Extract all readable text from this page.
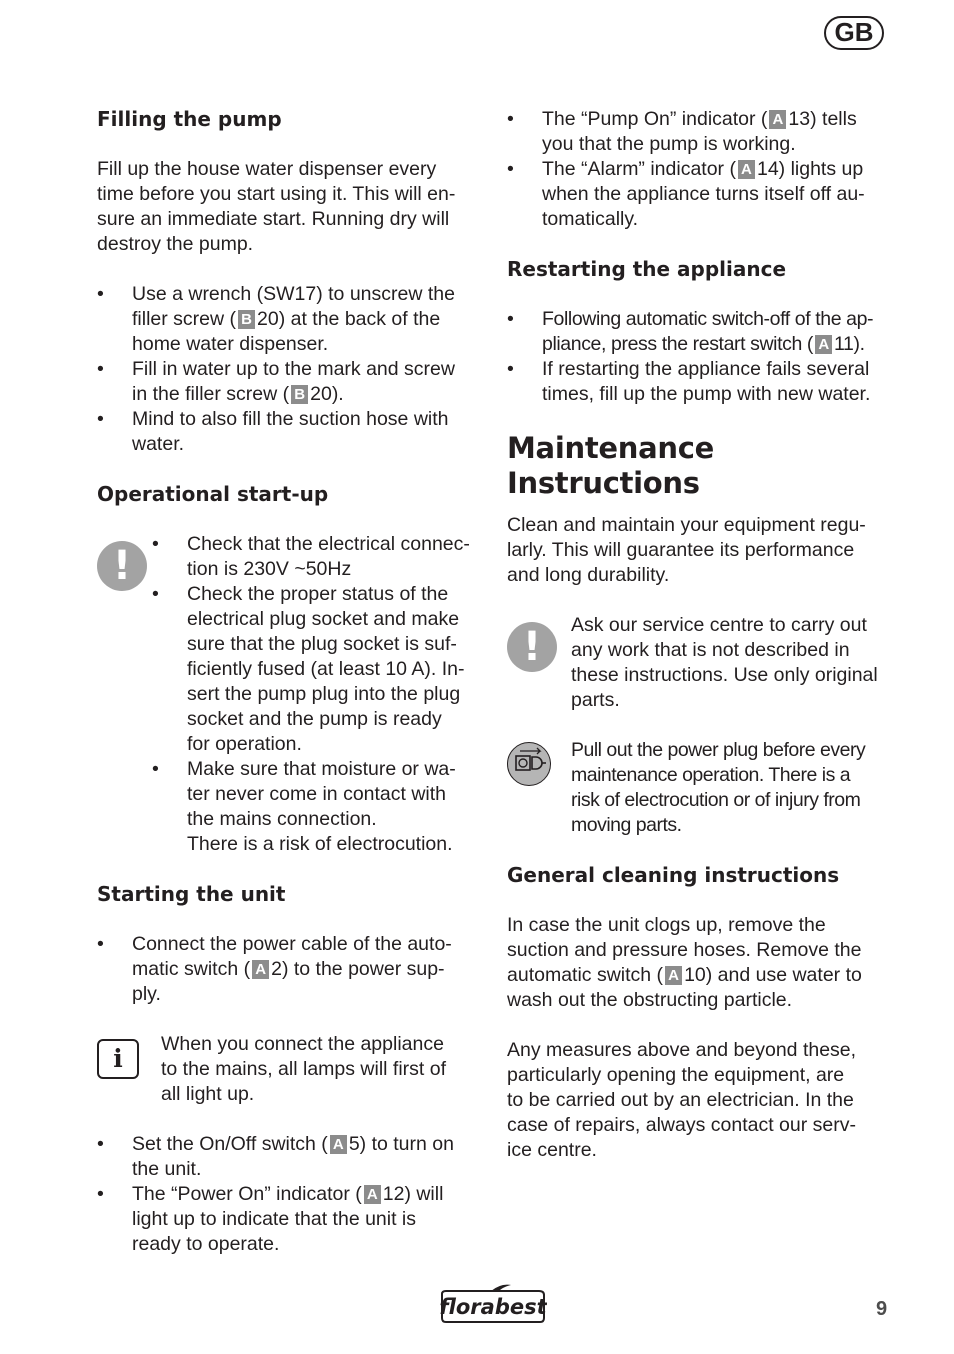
GB
Filling the pump
Fill up the house water dispenser every
time before you start using it. This will en-
sure an immediate start. Running dry will
destroy the pump.
• Use a wrench (SW17) to unscrew the
filler screw ( B 20) at the back of the
home water dispenser.
• Fill in water up to the mark and screw
in the filler screw ( B 20).
• Mind to also fill the suction hose with
water.
Operational start-up
!	• Check that the electrical connec-
tion is 230V ~50Hz
• Check the proper status of the
electrical plug socket and make
sure that the plug socket is suf-
ficiently fused (at least 10 A). In-
sert the pump plug into the plug
socket and the pump is ready
for operation.
• Make sure that moisture or wa-
ter never come in contact with
the mains connection.
There is a risk of electrocution.
Starting the unit
• Connect the power cable of the auto-
matic switch ( A 2) to the power sup-
ply.
i	When you connect the appliance
to the mains, all lamps will first of
all light up.
• Set the On/Off switch ( A 5) to turn on
the unit.
• The “Power On” indicator ( A 12) will
light up to indicate that the unit is
ready to operate.
• The “Pump On” indicator ( A 13) tells
you that the pump is working.
• The “Alarm” indicator ( A 14) lights up
when the appliance turns itself off au-
tomatically.
Restarting the appliance
• Following automatic switch-off of the ap-
pliance, press the restart switch ( A 11).
• If restarting the appliance fails several
times, fill up the pump with new water.
Maintenance
Instructions
Clean and maintain your equipment regu-
larly. This will guarantee its performance
and long durability.
!	Ask our service centre to carry out
any work that is not described in
these instructions. Use only original
parts.
Pull out the power plug before every
maintenance operation. There is a
risk of electrocution or of injury from
moving parts.
General cleaning instructions
In case the unit clogs up, remove the
suction and pressure hoses. Remove the
automatic switch ( A 10) and use water to
wash out the obstructing particle.
Any measures above and beyond these,
particularly opening the equipment, are
to be carried out by an electrician. In the
case of repairs, always contact our serv-
ice centre.
florabest	9
